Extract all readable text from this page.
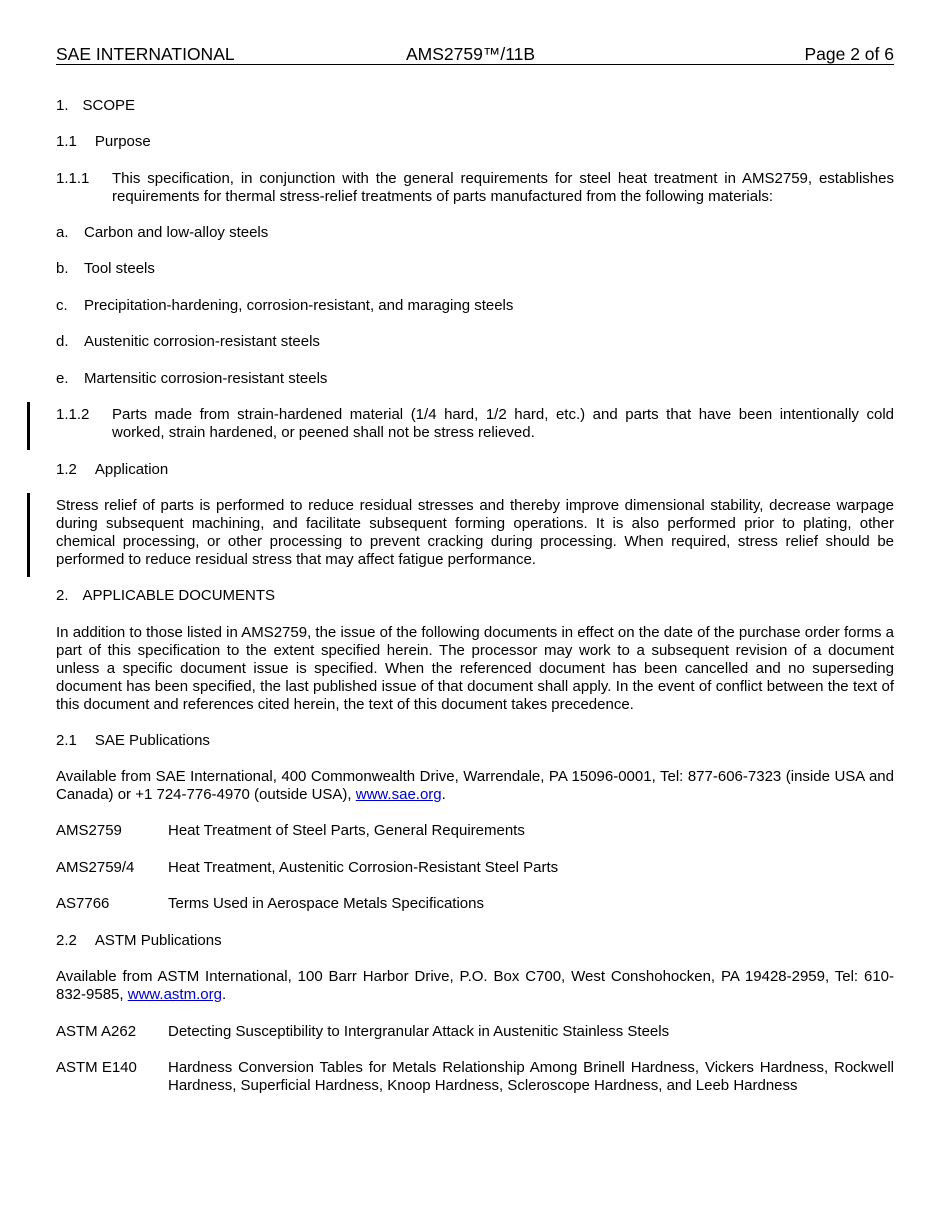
SAE INTERNATIONAL	AMS2759™/11B	Page 2 of 6
1. SCOPE
1.1 Purpose
1.1.1 This specification, in conjunction with the general requirements for steel heat treatment in AMS2759, establishes requirements for thermal stress-relief treatments of parts manufactured from the following materials:
a. Carbon and low-alloy steels
b. Tool steels
c. Precipitation-hardening, corrosion-resistant, and maraging steels
d. Austenitic corrosion-resistant steels
e. Martensitic corrosion-resistant steels
1.1.2 Parts made from strain-hardened material (1/4 hard, 1/2 hard, etc.) and parts that have been intentionally cold worked, strain hardened, or peened shall not be stress relieved.
1.2 Application
Stress relief of parts is performed to reduce residual stresses and thereby improve dimensional stability, decrease warpage during subsequent machining, and facilitate subsequent forming operations. It is also performed prior to plating, other chemical processing, or other processing to prevent cracking during processing. When required, stress relief should be performed to reduce residual stress that may affect fatigue performance.
2. APPLICABLE DOCUMENTS
In addition to those listed in AMS2759, the issue of the following documents in effect on the date of the purchase order forms a part of this specification to the extent specified herein. The processor may work to a subsequent revision of a document unless a specific document issue is specified. When the referenced document has been cancelled and no superseding document has been specified, the last published issue of that document shall apply. In the event of conflict between the text of this document and references cited herein, the text of this document takes precedence.
2.1 SAE Publications
Available from SAE International, 400 Commonwealth Drive, Warrendale, PA 15096-0001, Tel: 877-606-7323 (inside USA and Canada) or +1 724-776-4970 (outside USA), www.sae.org.
AMS2759	Heat Treatment of Steel Parts, General Requirements
AMS2759/4 Heat Treatment, Austenitic Corrosion-Resistant Steel Parts
AS7766	Terms Used in Aerospace Metals Specifications
2.2 ASTM Publications
Available from ASTM International, 100 Barr Harbor Drive, P.O. Box C700, West Conshohocken, PA 19428-2959, Tel: 610-832-9585, www.astm.org.
ASTM A262 Detecting Susceptibility to Intergranular Attack in Austenitic Stainless Steels
ASTM E140 Hardness Conversion Tables for Metals Relationship Among Brinell Hardness, Vickers Hardness, Rockwell Hardness, Superficial Hardness, Knoop Hardness, Scleroscope Hardness, and Leeb Hardness
